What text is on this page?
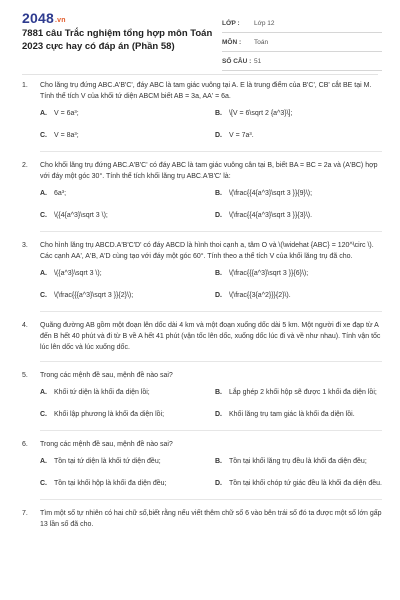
2048.vn
7881 câu Trắc nghiệm tổng hợp môn Toán 2023 cực hay có đáp án (Phần 58)
LỚP :	Lớp 12
MÔN :	Toán
SỐ CÂU : 51
1.	Cho lăng trụ đứng ABC.A'B'C', đáy ABC là tam giác vuông tại A. E là trung điểm của B'C', CB' cắt BE tại M. Tính thể tích V của khối tứ diện ABCM biết AB = 3a, AA' = 6a.
A.	V = 6a³;	B.	\[V = 6\sqrt 2 {a^3}\];
C.	V = 8a³;	D.	V = 7a³.
2.	Cho khối lăng trụ đứng ABC.A'B'C' có đáy ABC là tam giác vuông cân tại B, biết BA = BC = 2a và (A'BC) hợp với đáy một góc 30°. Tính thể tích khối lăng trụ ABC.A'B'C' là:
A.	6a³;	B.	\(\frac{{4{a^3}\sqrt 3 }}{9}\);
C.	\({4{a^3}\sqrt 3 \);	D.	\(\frac{{4{a^3}\sqrt 3 }}{3}\).
3.	Cho hình lăng trụ ABCD.A'B'C'D' có đáy ABCD là hình thoi cạnh a, tâm O và \(\widehat {ABC} = 120^\circ \). Các cạnh AA', A'B, A'D cùng tạo với đáy một góc 60°. Tính theo a thể tích V của khối lăng trụ đã cho.
A.	\({a^3}\sqrt 3 \);	B.	\(\frac{{{a^3}\sqrt 3 }}{6}\);
C.	\(\frac{{{a^3}\sqrt 3 }}{2}\);	D.	\(\frac{{3{a^2}}}{2}\).
4.	Quãng đường AB gồm một đoạn lên dốc dài 4 km và một đoạn xuống dốc dài 5 km. Một người đi xe đạp từ A đến B hết 40 phút và đi từ B về A hết 41 phút (vận tốc lên dốc, xuống dốc lúc đi và về như nhau). Tính vận tốc lúc lên dốc và lúc xuống dốc.
5.	Trong các mệnh đề sau, mệnh đề nào sai?
A.	Khối tứ diện là khối đa diện lồi;	B.	Lắp ghép 2 khối hộp sẽ được 1 khối đa diện lồi;
C.	Khối lập phương là khối đa diện lồi;	D.	Khối lăng trụ tam giác là khối đa diện lồi.
6.	Trong các mệnh đề sau, mệnh đề nào sai?
A.	Tồn tại tứ diện là khối tứ diện đều;	B.	Tồn tại khối lăng trụ đều là khối đa diện đều;
C.	Tồn tại khối hộp là khối đa diện đều;	D.	Tồn tại khối chóp tứ giác đều là khối đa diện đều.
7.	Tìm một số tự nhiên có hai chữ số,biết rằng nếu viết thêm chữ số 6 vào bên trái số đó ta được một số lớn gấp 13 lần số đã cho.
